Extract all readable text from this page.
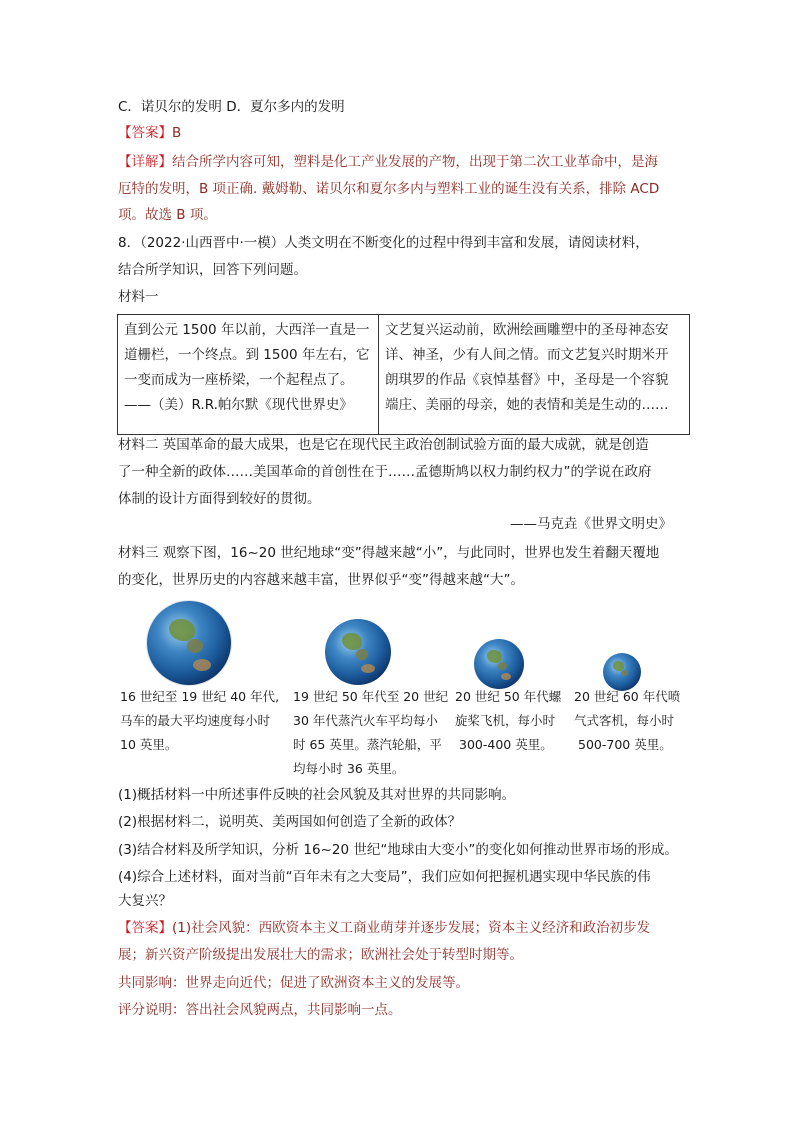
C．诺贝尔的发明 D．夏尔多内的发明
【答案】B
【详解】结合所学内容可知，塑料是化工产业发展的产物，出现于第二次工业革命中，是海
厄特的发明，B 项正确. 戴姆勒、诺贝尔和夏尔多内与塑料工业的诞生没有关系，排除 ACD
项。故选 B 项。
8．（2022·山西晋中·一模）人类文明在不断变化的过程中得到丰富和发展，请阅读材料，
结合所学知识，回答下列问题。
材料一
直到公元 1500 年以前，大西洋一直是一
道栅栏，一个终点。到 1500 年左右，它
一变而成为一座桥梁，一个起程点了。
——（美）R.R.帕尔默《现代世界史》

文艺复兴运动前，欧洲绘画雕塑中的圣母神态安
详、神圣，少有人间之情。而文艺复兴时期米开
朗琪罗的作品《哀悼基督》中，圣母是一个容貌
端庄、美丽的母亲，她的表情和美是生动的……
材料二 英国革命的最大成果，也是它在现代民主政治创制试验方面的最大成就，就是创造
了一种全新的政体……美国革命的首创性在于……孟德斯鸠以权力制约权力”的学说在政府
体制的设计方面得到较好的贯彻。
——马克垚《世界文明史》
材料三 观察下图，16~20 世纪地球“变”得越来越“小”，与此同时，世界也发生着翻天覆地
的变化，世界历史的内容越来越丰富，世界似乎“变”得越来越“大”。
16 世纪至 19 世纪 40 年代,
马车的最大平均速度每小时
10 英里。
19 世纪 50 年代至 20 世纪
30 年代蒸汽火车平均每小
时 65 英里。蒸汽轮船，平
均每小时 36 英里。
20 世纪 50 年代螺
旋桨飞机，每小时
300-400 英里。
20 世纪 60 年代喷
气式客机，每小时
500-700 英里。
(1)概括材料一中所述事件反映的社会风貌及其对世界的共同影响。
(2)根据材料二，说明英、美两国如何创造了全新的政体？
(3)结合材料及所学知识，分析 16~20 世纪“地球由大变小”的变化如何推动世界市场的形成。
(4)综合上述材料，面对当前“百年未有之大变局”，我们应如何把握机遇实现中华民族的伟
大复兴？
【答案】(1)社会风貌：西欧资本主义工商业萌芽并逐步发展；资本主义经济和政治初步发
展；新兴资产阶级提出发展壮大的需求；欧洲社会处于转型时期等。
共同影响：世界走向近代；促进了欧洲资本主义的发展等。
评分说明：答出社会风貌两点，共同影响一点。
